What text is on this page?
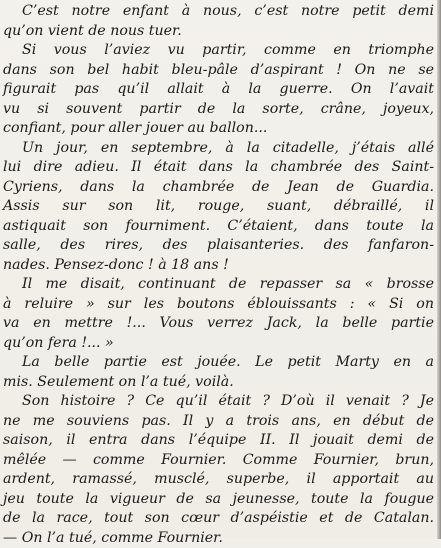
C’est notre enfant à nous, c’est notre petit demi
qu’on vient de nous tuer.
Si vous l’aviez vu partir, comme en triomphe
dans son bel habit bleu-pâle d’aspirant ! On ne se
figurait pas qu’il allait à la guerre. On l’avait
vu si souvent partir de la sorte, crâne, joyeux,
confiant, pour aller jouer au ballon...
Un jour, en septembre, à la citadelle, j’étais allé
lui dire adieu. Il était dans la chambrée des Saint-
Cyriens, dans la chambrée de Jean de Guardia.
Assis sur son lit, rouge, suant, débraillé, il
astiquait son fourniment. C’étaient, dans toute la
salle, des rires, des plaisanteries. des fanfaron-
nades. Pensez-donc ! à 18 ans !
Il me disait, continuant de repasser sa « brosse
à reluire » sur les boutons éblouissants : « Si on
va en mettre !... Vous verrez Jack, la belle partie
qu’on fera !... »
La belle partie est jouée. Le petit Marty en a
mis. Seulement on l’a tué, voilà.
Son histoire ? Ce qu’il était ? D’où il venait ? Je
ne me souviens pas. Il y a trois ans, en début de
saison, il entra dans l’équipe II. Il jouait demi de
mêlée — comme Fournier. Comme Fournier, brun,
ardent, ramassé, musclé, superbe, il apportait au
jeu toute la vigueur de sa jeunesse, toute la fougue
de la race, tout son cœur d’aspéistie et de Catalan.
— On l’a tué, comme Fournier.
